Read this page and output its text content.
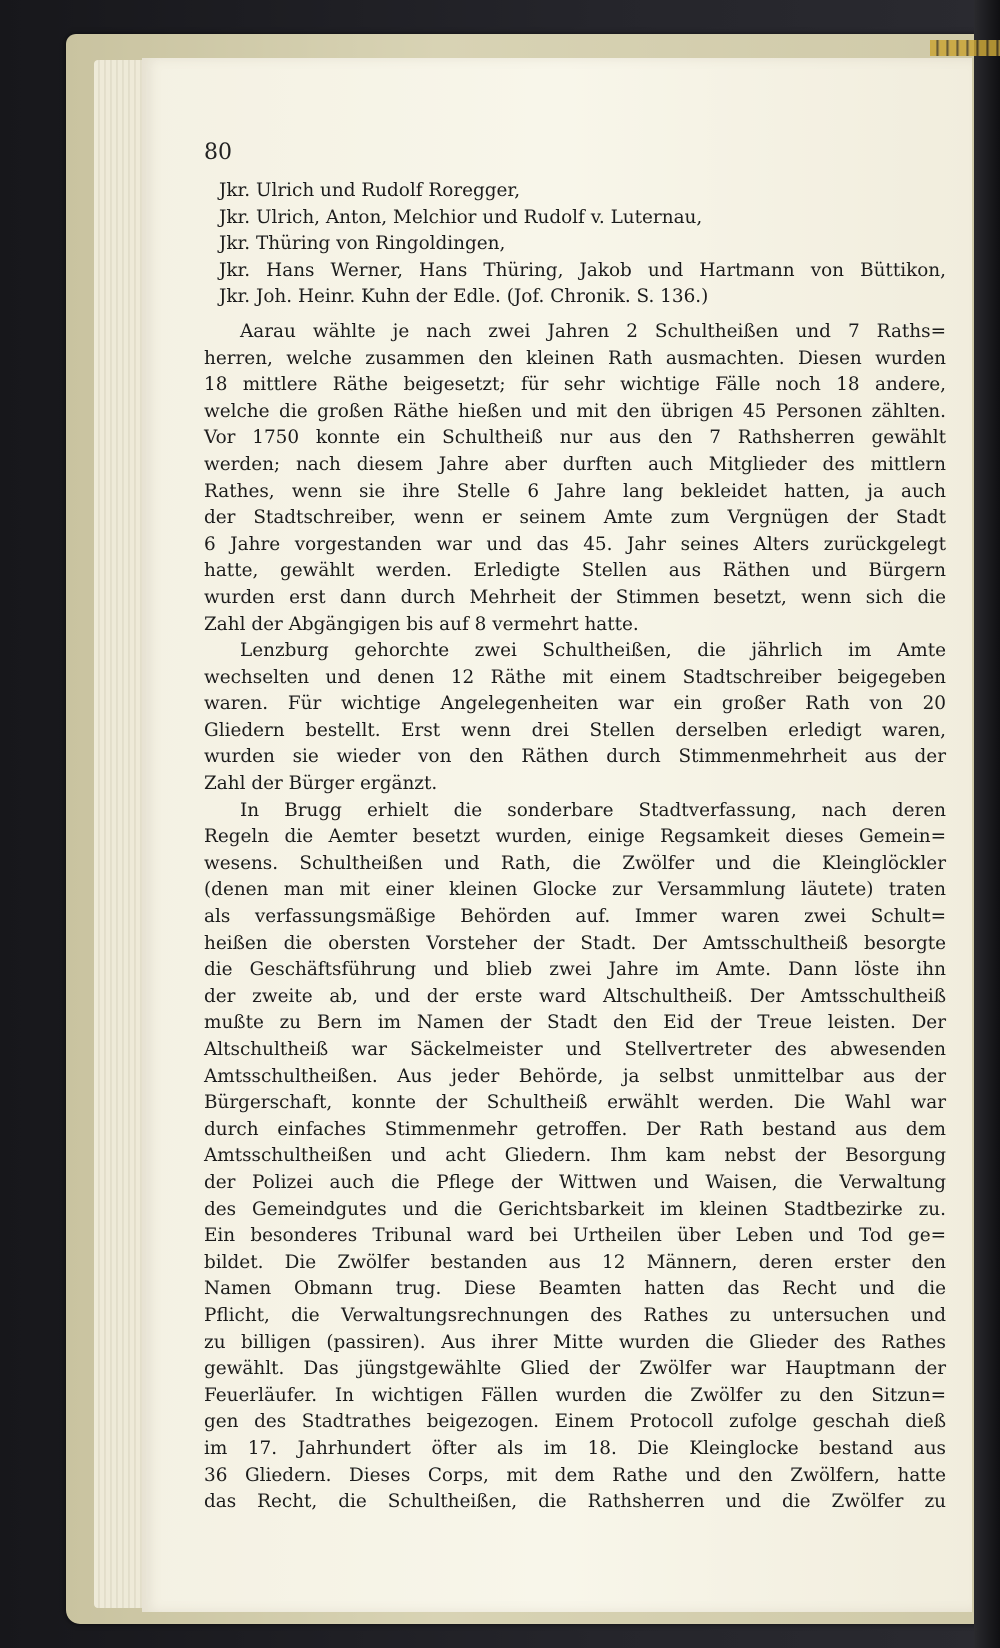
80

Jkr. Ulrich und Rudolf Roregger,
Jkr. Ulrich, Anton, Melchior und Rudolf v. Luternau,
Jkr. Thüring von Ringoldingen,
Jkr. Hans Werner, Hans Thüring, Jakob und Hartmann von Büttikon,
Jkr. Joh. Heinr. Kuhn der Edle. (Jof. Chronik. S. 136.)
Aarau wählte je nach zwei Jahren 2 Schultheißen und 7 Raths=
herren, welche zusammen den kleinen Rath ausmachten. Diesen wurden
18 mittlere Räthe beigesetzt; für sehr wichtige Fälle noch 18 andere,
welche die großen Räthe hießen und mit den übrigen 45 Personen zählten.
Vor 1750 konnte ein Schultheiß nur aus den 7 Rathsherren gewählt
werden; nach diesem Jahre aber durften auch Mitglieder des mittlern
Rathes, wenn sie ihre Stelle 6 Jahre lang bekleidet hatten, ja auch
der Stadtschreiber, wenn er seinem Amte zum Vergnügen der Stadt
6 Jahre vorgestanden war und das 45. Jahr seines Alters zurückgelegt
hatte, gewählt werden. Erledigte Stellen aus Räthen und Bürgern
wurden erst dann durch Mehrheit der Stimmen besetzt, wenn sich die
Zahl der Abgängigen bis auf 8 vermehrt hatte.
Lenzburg gehorchte zwei Schultheißen, die jährlich im Amte
wechselten und denen 12 Räthe mit einem Stadtschreiber beigegeben
waren. Für wichtige Angelegenheiten war ein großer Rath von 20
Gliedern bestellt. Erst wenn drei Stellen derselben erledigt waren,
wurden sie wieder von den Räthen durch Stimmenmehrheit aus der
Zahl der Bürger ergänzt.
In Brugg erhielt die sonderbare Stadtverfassung, nach deren
Regeln die Aemter besetzt wurden, einige Regsamkeit dieses Gemein=
wesens. Schultheißen und Rath, die Zwölfer und die Kleinglöckler
(denen man mit einer kleinen Glocke zur Versammlung läutete) traten
als verfassungsmäßige Behörden auf. Immer waren zwei Schult=
heißen die obersten Vorsteher der Stadt. Der Amtsschultheiß besorgte
die Geschäftsführung und blieb zwei Jahre im Amte. Dann löste ihn
der zweite ab, und der erste ward Altschultheiß. Der Amtsschultheiß
mußte zu Bern im Namen der Stadt den Eid der Treue leisten. Der
Altschultheiß war Säckelmeister und Stellvertreter des abwesenden
Amtsschultheißen. Aus jeder Behörde, ja selbst unmittelbar aus der
Bürgerschaft, konnte der Schultheiß erwählt werden. Die Wahl war
durch einfaches Stimmenmehr getroffen. Der Rath bestand aus dem
Amtsschultheißen und acht Gliedern. Ihm kam nebst der Besorgung
der Polizei auch die Pflege der Wittwen und Waisen, die Verwaltung
des Gemeindgutes und die Gerichtsbarkeit im kleinen Stadtbezirke zu.
Ein besonderes Tribunal ward bei Urtheilen über Leben und Tod ge=
bildet. Die Zwölfer bestanden aus 12 Männern, deren erster den
Namen Obmann trug. Diese Beamten hatten das Recht und die
Pflicht, die Verwaltungsrechnungen des Rathes zu untersuchen und
zu billigen (passiren). Aus ihrer Mitte wurden die Glieder des Rathes
gewählt. Das jüngstgewählte Glied der Zwölfer war Hauptmann der
Feuerläufer. In wichtigen Fällen wurden die Zwölfer zu den Sitzun=
gen des Stadtrathes beigezogen. Einem Protocoll zufolge geschah dieß
im 17. Jahrhundert öfter als im 18. Die Kleinglocke bestand aus
36 Gliedern. Dieses Corps, mit dem Rathe und den Zwölfern, hatte
das Recht, die Schultheißen, die Rathsherren und die Zwölfer zu
